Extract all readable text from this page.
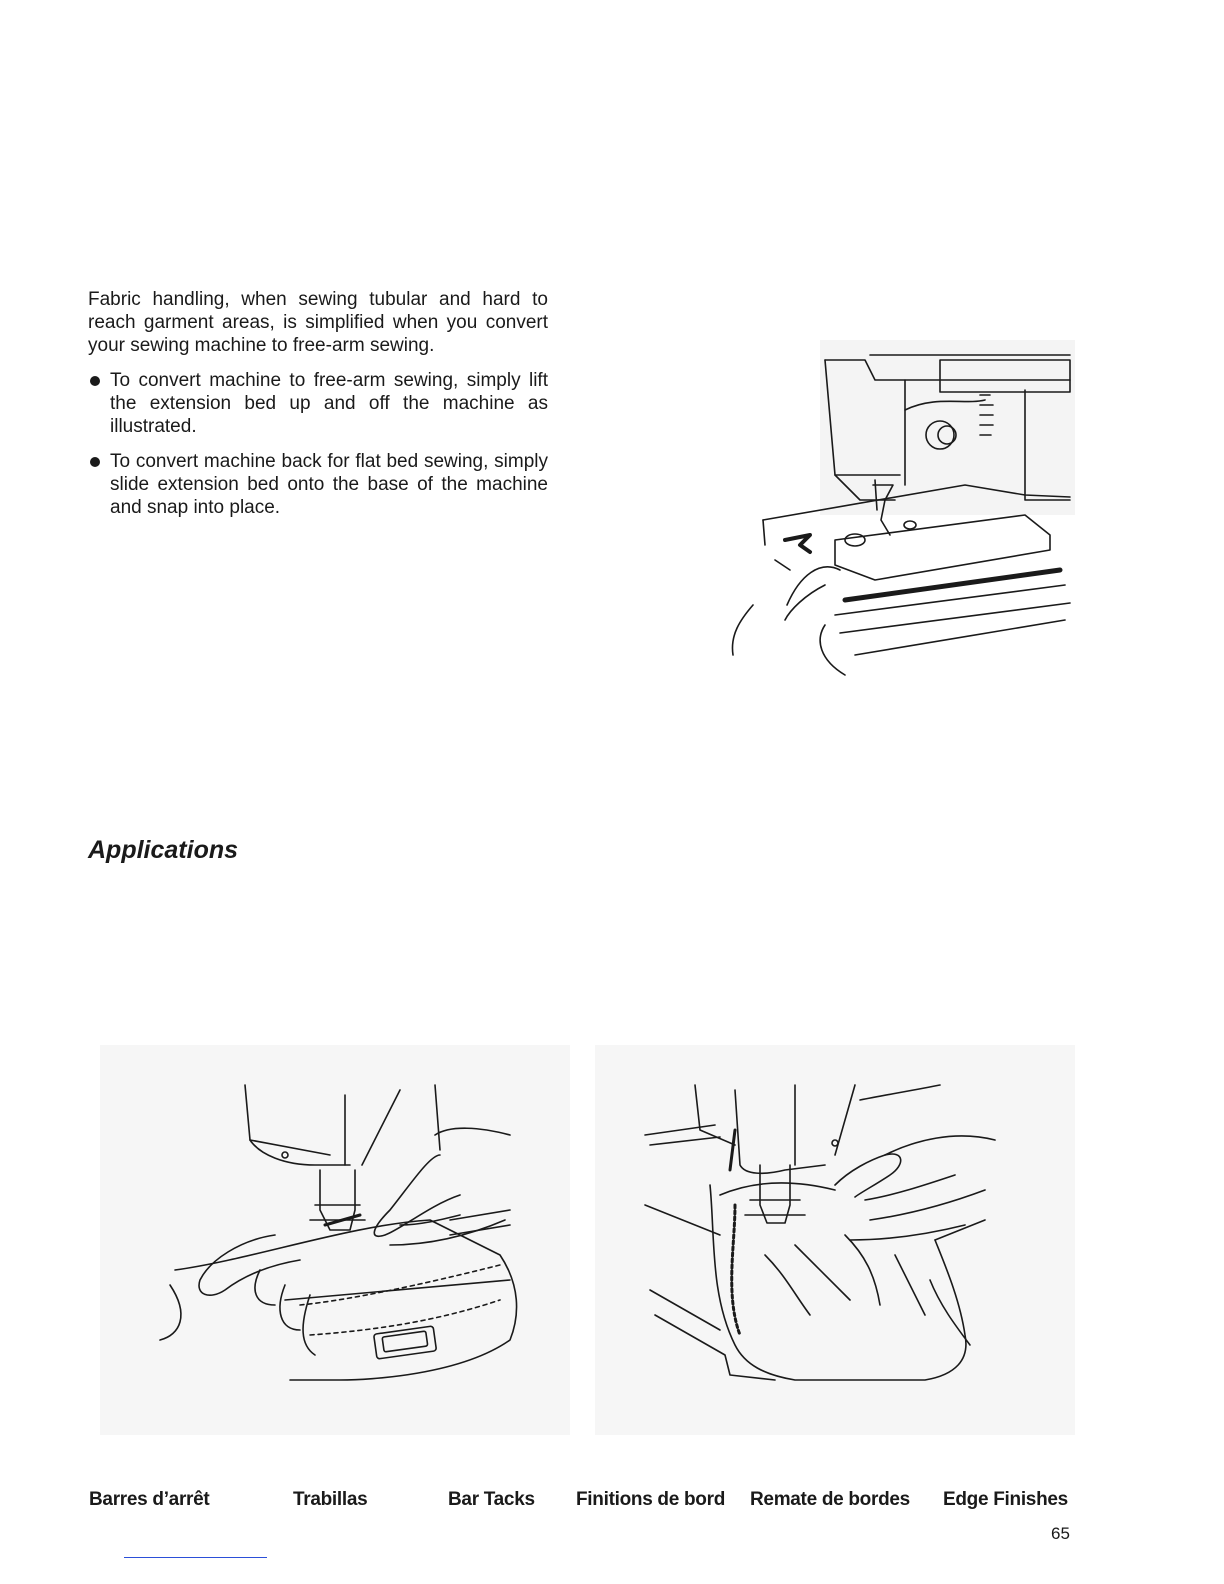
Fabric handling, when sewing tubular and hard to reach garment areas, is simplified when you convert your sewing machine to free-arm sewing.

To convert machine to free-arm sewing, simply lift the extension bed up and off the machine as illustrated.
To convert machine back for flat bed sewing, simply slide extension bed onto the base of the machine and snap into place.
Applications
Barres d’arrêt	Trabillas	Bar Tacks Finitions de bord Remate de bordes Edge Finishes
65
